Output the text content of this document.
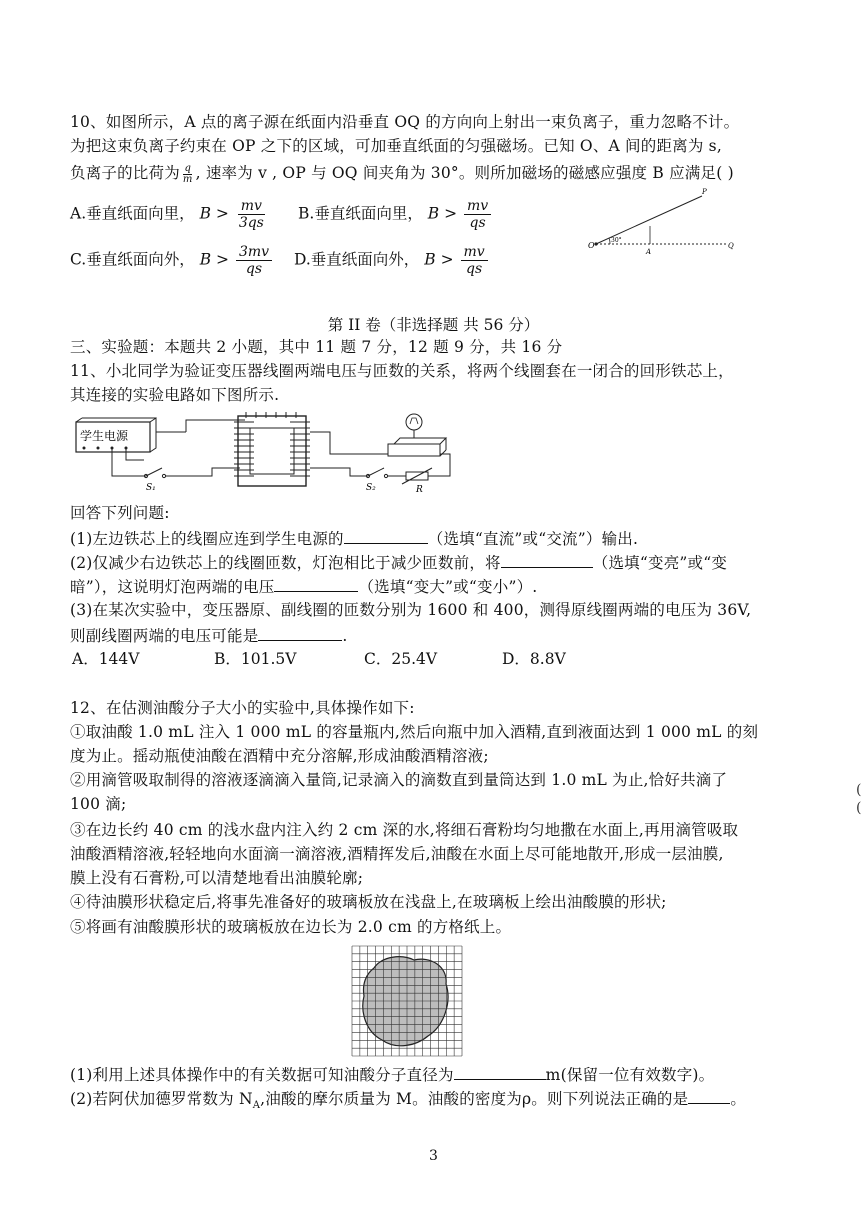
10、如图所示，A 点的离子源在纸面内沿垂直 OQ 的方向向上射出一束负离子，重力忽略不计。
为把这束负离子约束在 OP 之下的区域，可加垂直纸面的匀强磁场。已知 O、A 间的距离为 s,
负离子的比荷为 $\frac{q}{m}$ , 速率为 v , OP 与 OQ 间夹角为 30°。则所加磁场的磁感应强度 B 应满足( )
A.垂直纸面向里， $B > \frac{mv}{3qs} B$.垂直纸面向里， $B > \frac{mv}{qs}$
C.垂直纸面向外， $B > \frac{3mv}{qs} D$.垂直纸面向外， $B > \frac{mv}{qs}$	O
A
P
Q
30°
第 II 卷（非选择题 共 56 分）
三、实验题：本题共 2 小题，其中 11 题 7 分，12 题 9 分，共 16 分
11、小北同学为验证变压器线圈两端电压与匝数的关系，将两个线圈套在一闭合的回形铁芯上，
其连接的实验电路如下图所示.
学生电源
S₁	S₂	R
回答下列问题:
(1)左边铁芯上的线圈应连到学生电源的	（选填“直流”或“交流”）输出.
(2)仅减少右边铁芯上的线圈匝数，灯泡相比于减少匝数前，将	（选填“变亮”或“变
暗”），这说明灯泡两端的电压	（选填“变大”或“变小”）.
(3)在某次实验中，变压器原、副线圈的匝数分别为 1600 和 400，测得原线圈两端的电压为 36V,
则副线圈两端的电压可能是	.
A．144V	B．101.5V	C．25.4V	D．8.8V
12、在估测油酸分子大小的实验中,具体操作如下:
①取油酸 1.0 mL 注入 1 000 mL 的容量瓶内,然后向瓶中加入酒精,直到液面达到 1 000 mL 的刻
度为止。摇动瓶使油酸在酒精中充分溶解,形成油酸酒精溶液;
②用滴管吸取制得的溶液逐滴滴入量筒,记录滴入的滴数直到量筒达到 1.0 mL 为止,恰好共滴了
100 滴;
③在边长约 40 cm 的浅水盘内注入约 2 cm 深的水,将细石膏粉均匀地撒在水面上,再用滴管吸取
油酸酒精溶液,轻轻地向水面滴一滴溶液,酒精挥发后,油酸在水面上尽可能地散开,形成一层油膜,
膜上没有石膏粉,可以清楚地看出油膜轮廓;
④待油膜形状稳定后,将事先准备好的玻璃板放在浅盘上,在玻璃板上绘出油酸膜的形状;
⑤将画有油酸膜形状的玻璃板放在边长为 2.0 cm 的方格纸上。
(1)利用上述具体操作中的有关数据可知油酸分子直径为	m(保留一位有效数字)。
(2)若阿伏加德罗常数为 $N_A$,油酸的摩尔质量为 M。油酸的密度为ρ。则下列说法正确的是	。
(
(
3
